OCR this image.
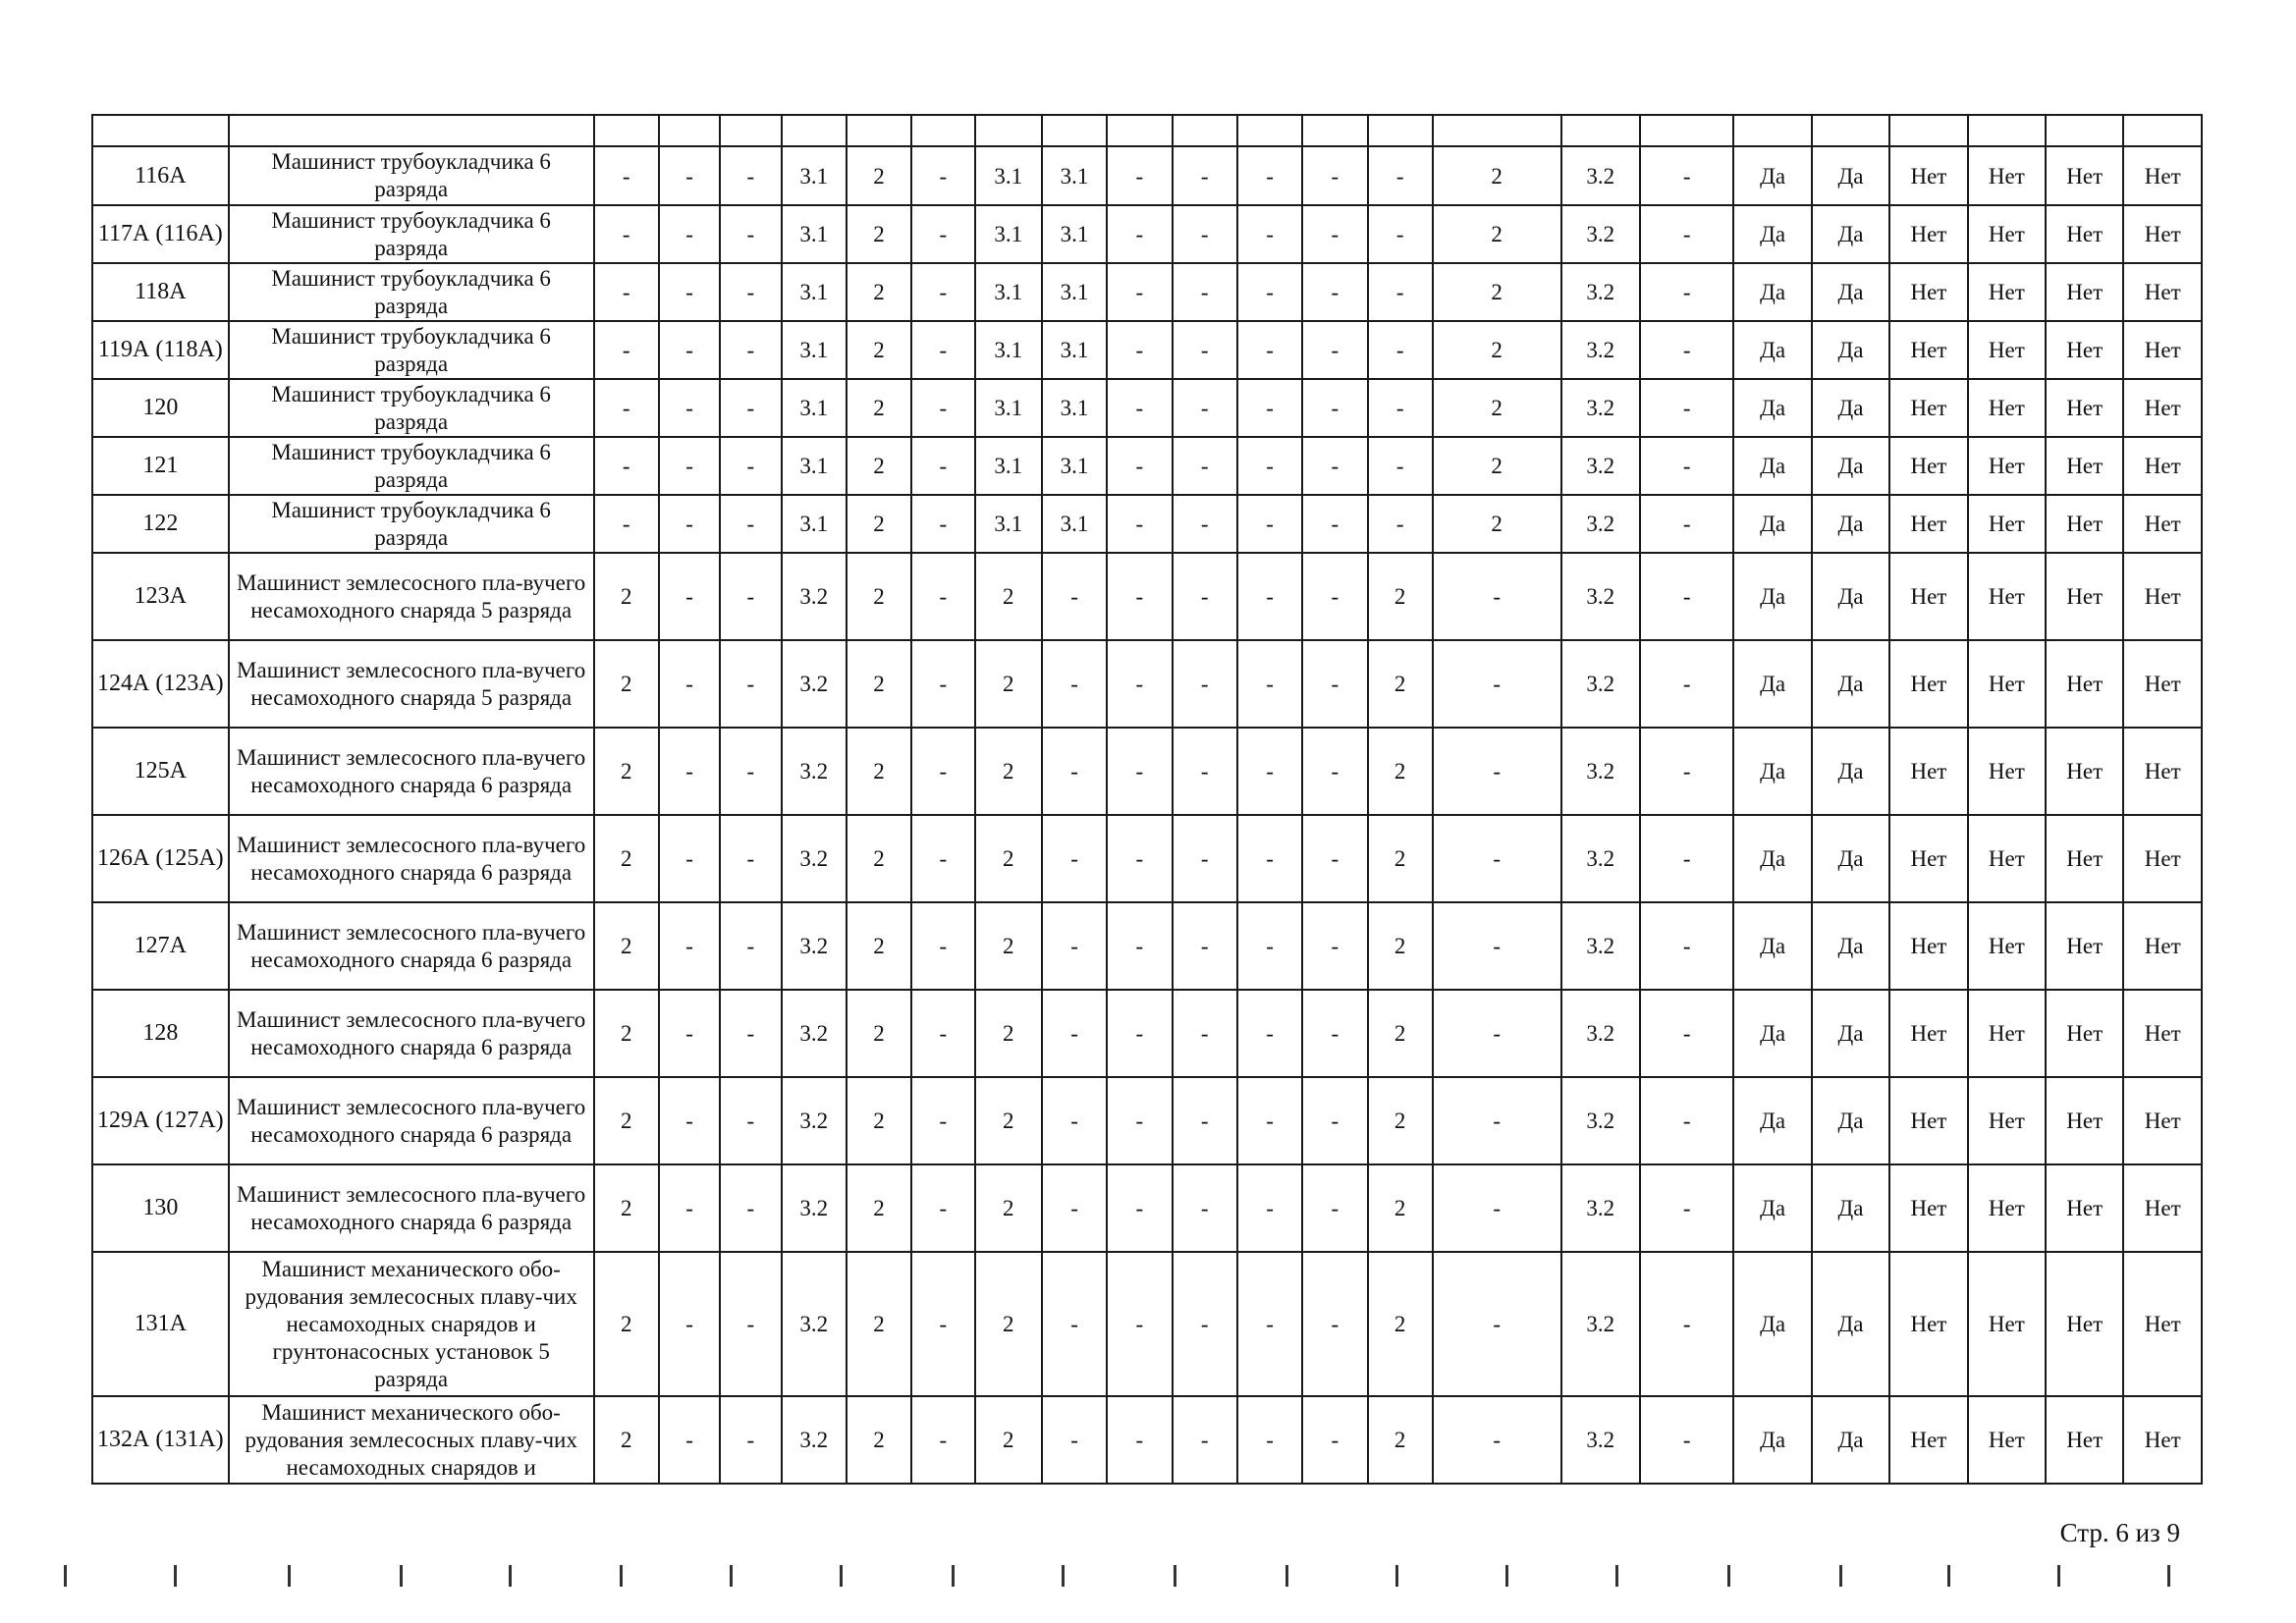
116А	Машинист трубоукладчика 6 разряда	-	-	-	3.1	2	-	3.1	3.1	-	-	-	-	-	2	3.2	-	Да	Да	Нет	Нет	Нет	Нет
117А (116А)	Машинист трубоукладчика 6 разряда	-	-	-	3.1	2	-	3.1	3.1	-	-	-	-	-	2	3.2	-	Да	Да	Нет	Нет	Нет	Нет
118А	Машинист трубоукладчика 6 разряда	-	-	-	3.1	2	-	3.1	3.1	-	-	-	-	-	2	3.2	-	Да	Да	Нет	Нет	Нет	Нет
119А (118А)	Машинист трубоукладчика 6 разряда	-	-	-	3.1	2	-	3.1	3.1	-	-	-	-	-	2	3.2	-	Да	Да	Нет	Нет	Нет	Нет
120	Машинист трубоукладчика 6 разряда	-	-	-	3.1	2	-	3.1	3.1	-	-	-	-	-	2	3.2	-	Да	Да	Нет	Нет	Нет	Нет
121	Машинист трубоукладчика 6 разряда	-	-	-	3.1	2	-	3.1	3.1	-	-	-	-	-	2	3.2	-	Да	Да	Нет	Нет	Нет	Нет
122	Машинист трубоукладчика 6 разряда	-	-	-	3.1	2	-	3.1	3.1	-	-	-	-	-	2	3.2	-	Да	Да	Нет	Нет	Нет	Нет
123А	Машинист землесосного пла-вучего несамоходного снаряда 5 разряда	2	-	-	3.2	2	-	2	-	-	-	-	-	2	-	3.2	-	Да	Да	Нет	Нет	Нет	Нет
124А (123А)	Машинист землесосного пла-вучего несамоходного снаряда 5 разряда	2	-	-	3.2	2	-	2	-	-	-	-	-	2	-	3.2	-	Да	Да	Нет	Нет	Нет	Нет
125А	Машинист землесосного пла-вучего несамоходного снаряда 6 разряда	2	-	-	3.2	2	-	2	-	-	-	-	-	2	-	3.2	-	Да	Да	Нет	Нет	Нет	Нет
126А (125А)	Машинист землесосного пла-вучего несамоходного снаряда 6 разряда	2	-	-	3.2	2	-	2	-	-	-	-	-	2	-	3.2	-	Да	Да	Нет	Нет	Нет	Нет
127А	Машинист землесосного пла-вучего несамоходного снаряда 6 разряда	2	-	-	3.2	2	-	2	-	-	-	-	-	2	-	3.2	-	Да	Да	Нет	Нет	Нет	Нет
128	Машинист землесосного пла-вучего несамоходного снаряда 6 разряда	2	-	-	3.2	2	-	2	-	-	-	-	-	2	-	3.2	-	Да	Да	Нет	Нет	Нет	Нет
129А (127А)	Машинист землесосного пла-вучего несамоходного снаряда 6 разряда	2	-	-	3.2	2	-	2	-	-	-	-	-	2	-	3.2	-	Да	Да	Нет	Нет	Нет	Нет
130	Машинист землесосного пла-вучего несамоходного снаряда 6 разряда	2	-	-	3.2	2	-	2	-	-	-	-	-	2	-	3.2	-	Да	Да	Нет	Нет	Нет	Нет
131А	Машинист механического обо-рудования землесосных плаву-чих несамоходных снарядов и грунтонасосных установок 5 разряда	2	-	-	3.2	2	-	2	-	-	-	-	-	2	-	3.2	-	Да	Да	Нет	Нет	Нет	Нет
132А (131А)	Машинист механического обо-рудования землесосных плаву-чих несамоходных снарядов и	2	-	-	3.2	2	-	2	-	-	-	-	-	2	-	3.2	-	Да	Да	Нет	Нет	Нет	Нет
Стр. 6 из 9
